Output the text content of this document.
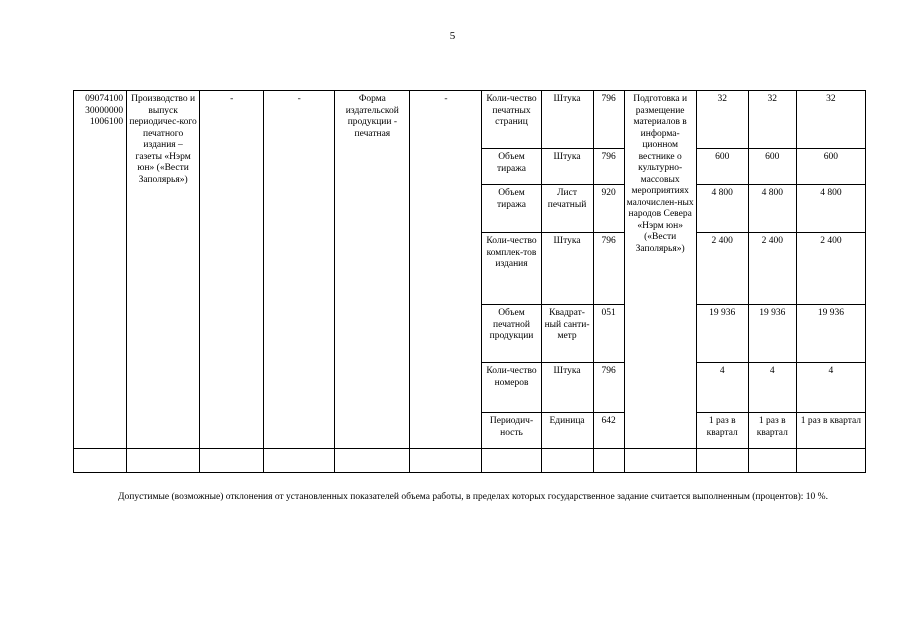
5
09074100 30000000 1006100	Производство и выпуск периодичес-кого печатного издания – газеты «Нэрм юн» («Вести Заполярья»)	-	-	Форма издательской продукции - печатная	-	Коли-чество печатных страниц	Штука	796	Подготовка и размещение материалов в информа-ционном вестнике о культурно-массовых мероприятиях малочислен-ных народов Севера «Нэрм юн» («Вести Заполярья»)	32	32	32
						Объем тиража	Штука	796		600	600	600
						Объем тиража	Лист печатный	920		4 800	4 800	4 800
						Коли-чество комплек-тов издания	Штука	796		2 400	2 400	2 400
						Объем печатной продукции	Квадрат-ный санти-метр	051		19 936	19 936	19 936
						Коли-чество номеров	Штука	796		4	4	4
						Периодич-ность	Единица	642		1 раз в квартал	1 раз в квартал	1 раз в квартал

Допустимые (возможные) отклонения от установленных показателей объема работы, в пределах которых государственное задание считается выполненным (процентов): 10 %.
